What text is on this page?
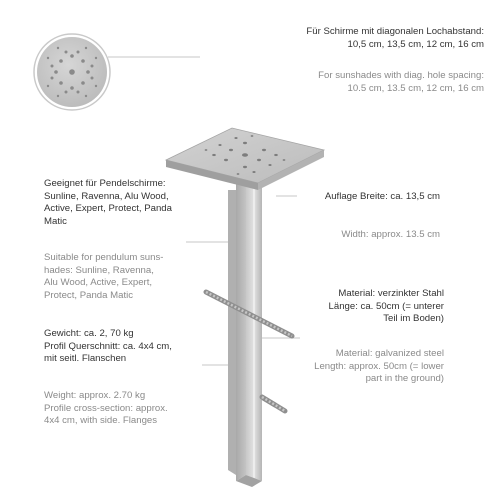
Für Schirme mit diagonalen Lochabstand:
10,5 cm, 13,5 cm, 12 cm, 16 cm
For sunshades with diag. hole spacing:
10.5 cm, 13.5 cm, 12 cm, 16 cm
Geeignet für Pendelschirme:
Sunline, Ravenna, Alu Wood,
Active, Expert, Protect, Panda
Matic
Suitable for pendulum suns-
hades: Sunline, Ravenna,
Alu Wood, Active, Expert,
Protect, Panda Matic
Gewicht: ca. 2, 70 kg
Profil Querschnitt: ca. 4x4 cm,
mit seitl. Flanschen
Weight: approx. 2.70 kg
Profile cross-section: approx.
4x4 cm, with side. Flanges
Auflage Breite: ca. 13,5 cm
Width: approx. 13.5 cm
Material: verzinkter Stahl
Länge: ca. 50cm (= unterer
Teil im Boden)
Material: galvanized steel
Length: approx. 50cm (= lower
part in the ground)
